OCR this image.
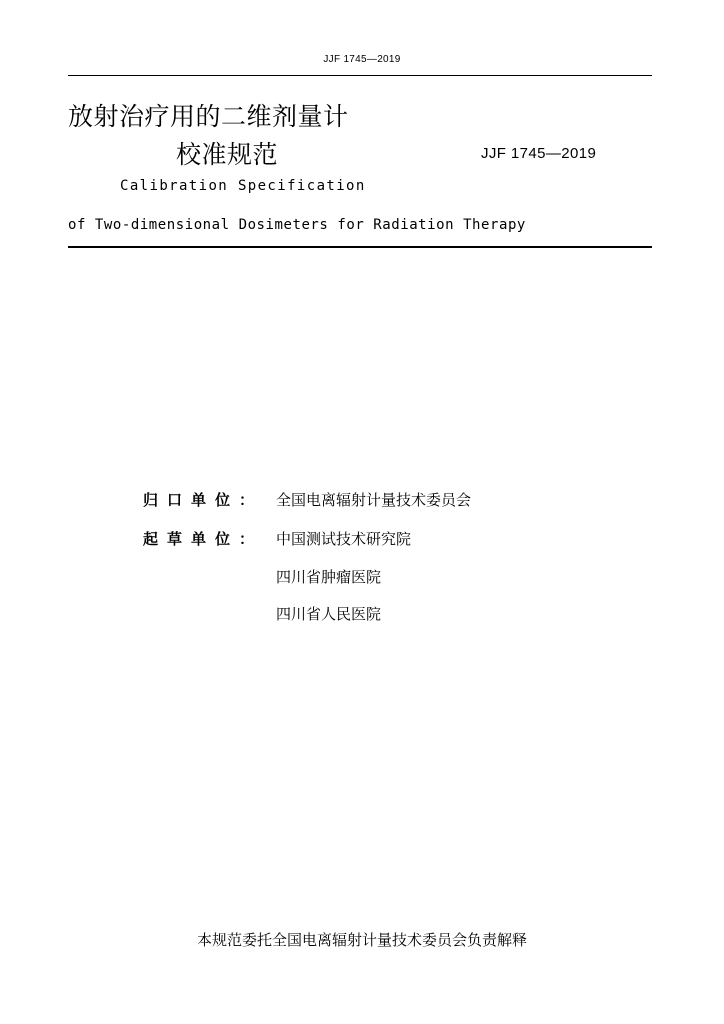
JJF 1745—2019
放射治疗用的二维剂量计
校准规范	JJF 1745—2019
Calibration Specification
of Two-dimensional Dosimeters for Radiation Therapy
归口单位： 全国电离辐射计量技术委员会
起草单位： 中国测试技术研究院
四川省肿瘤医院
四川省人民医院
本规范委托全国电离辐射计量技术委员会负责解释
